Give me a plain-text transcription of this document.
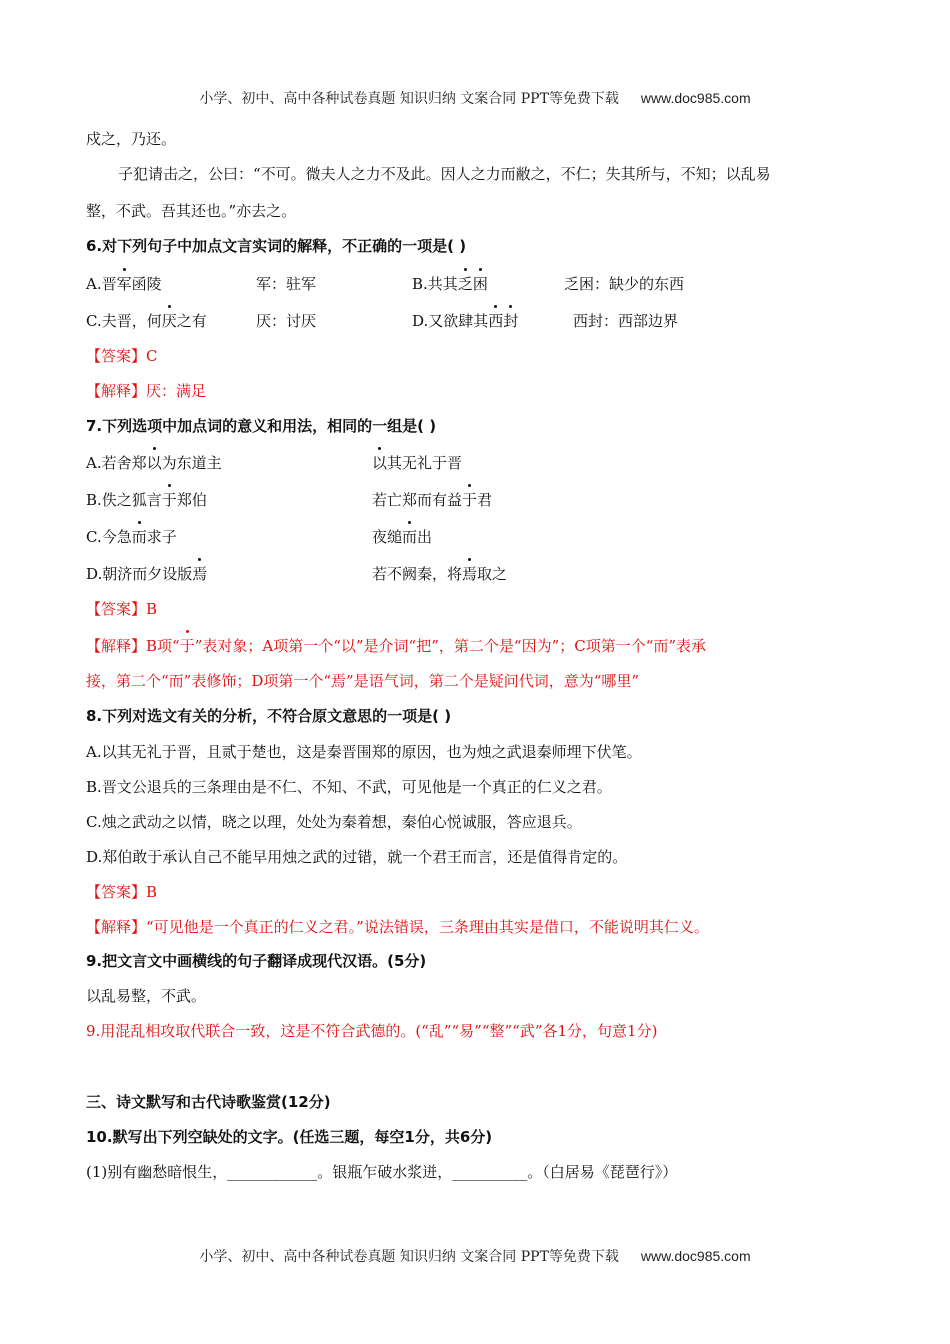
小学、初中、高中各种试卷真题 知识归纳 文案合同 PPT等免费下载 www.doc985.com
戍之，乃还。
子犯请击之，公曰：“不可。微夫人之力不及此。因人之力而敝之，不仁；失其所与，不知；以乱易
整，不武。吾其还也。”亦去之。
6.对下列句子中加点文言实词的解释，不正确的一项是( )
A.晋军函陵	军：驻军	B.共其乏困	乏困：缺少的东西
C.夫晋，何厌之有	厌：讨厌	D.又欲肆其西封	西封：西部边界
【答案】C
【解释】厌：满足
7.下列选项中加点词的意义和用法，相同的一组是( )
A.若舍郑以为东道主	以其无礼于晋
B.佚之狐言于郑伯	若亡郑而有益于君
C.今急而求子	夜缒而出
D.朝济而夕设版焉	若不阙秦，将焉取之
【答案】B
【解释】B项“于”表对象；A项第一个“以”是介词“把”，第二个是“因为”；C项第一个“而”表承
接，第二个“而”表修饰；D项第一个“焉”是语气词，第二个是疑问代词，意为“哪里”
8.下列对选文有关的分析，不符合原文意思的一项是( )
A.以其无礼于晋，且贰于楚也，这是秦晋围郑的原因，也为烛之武退秦师埋下伏笔。
B.晋文公退兵的三条理由是不仁、不知、不武，可见他是一个真正的仁义之君。
C.烛之武动之以情，晓之以理，处处为秦着想，秦伯心悦诚服，答应退兵。
D.郑伯敢于承认自己不能早用烛之武的过错，就一个君王而言，还是值得肯定的。
【答案】B
【解释】“可见他是一个真正的仁义之君。”说法错误，三条理由其实是借口，不能说明其仁义。
9.把文言文中画横线的句子翻译成现代汉语。(5分)
以乱易整，不武。
9.用混乱相攻取代联合一致，这是不符合武德的。(“乱”“易”“整”“武”各1分，句意1分)
三、诗文默写和古代诗歌鉴赏(12分)
10.默写出下列空缺处的文字。(任选三题，每空1分，共6分)
(1)别有幽愁暗恨生，____________。银瓶乍破水浆迸，__________。（白居易《琵琶行》）
小学、初中、高中各种试卷真题 知识归纳 文案合同 PPT等免费下载 www.doc985.com
